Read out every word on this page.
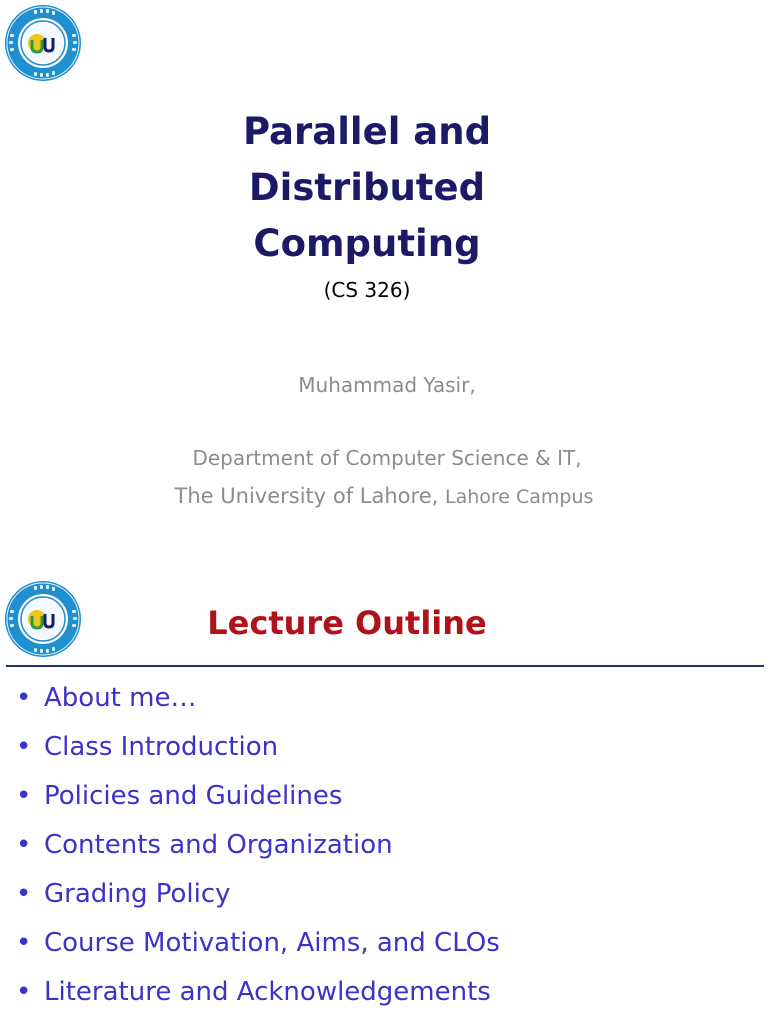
Parallel and
Distributed
Computing
(CS 326)
Muhammad Yasir,
Department of Computer Science & IT,
The University of Lahore, Lahore Campus
Lecture Outline
• About me…
• Class Introduction
• Policies and Guidelines
• Contents and Organization
• Grading Policy
• Course Motivation, Aims, and CLOs
• Literature and Acknowledgements
